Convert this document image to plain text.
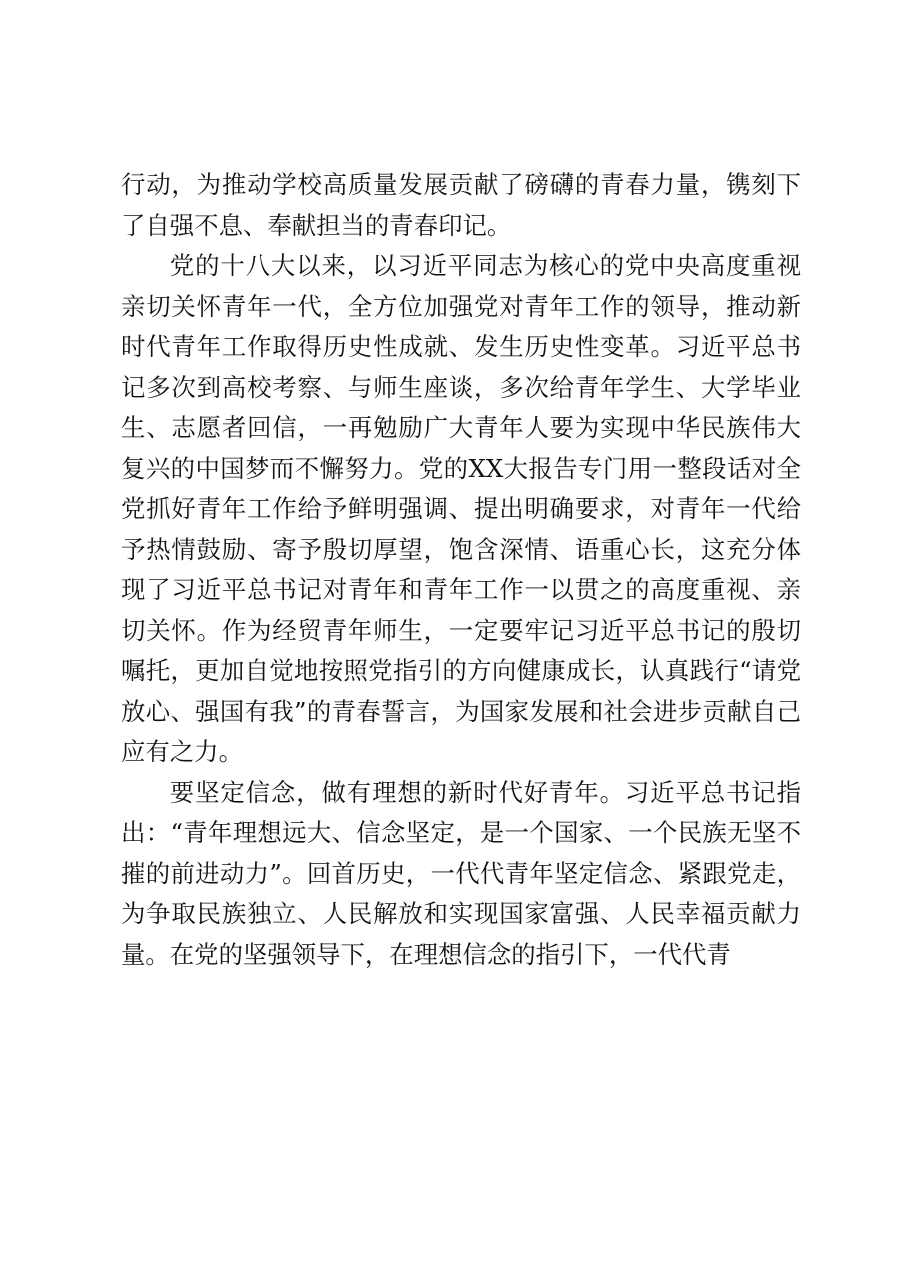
行动，为推动学校高质量发展贡献了磅礴的青春力量，镌刻下了自强不息、奉献担当的青春印记。

党的十八大以来，以习近平同志为核心的党中央高度重视亲切关怀青年一代，全方位加强党对青年工作的领导，推动新时代青年工作取得历史性成就、发生历史性变革。习近平总书记多次到高校考察、与师生座谈，多次给青年学生、大学毕业生、志愿者回信，一再勉励广大青年人要为实现中华民族伟大复兴的中国梦而不懈努力。党的XX大报告专门用一整段话对全党抓好青年工作给予鲜明强调、提出明确要求，对青年一代给予热情鼓励、寄予殷切厚望，饱含深情、语重心长，这充分体现了习近平总书记对青年和青年工作一以贯之的高度重视、亲切关怀。作为经贸青年师生，一定要牢记习近平总书记的殷切嘱托，更加自觉地按照党指引的方向健康成长，认真践行“请党放心、强国有我”的青春誓言，为国家发展和社会进步贡献自己应有之力。

要坚定信念，做有理想的新时代好青年。习近平总书记指出：“青年理想远大、信念坚定，是一个国家、一个民族无坚不摧的前进动力”。回首历史，一代代青年坚定信念、紧跟党走，为争取民族独立、人民解放和实现国家富强、人民幸福贡献力量。在党的坚强领导下，在理想信念的指引下，一代代青
